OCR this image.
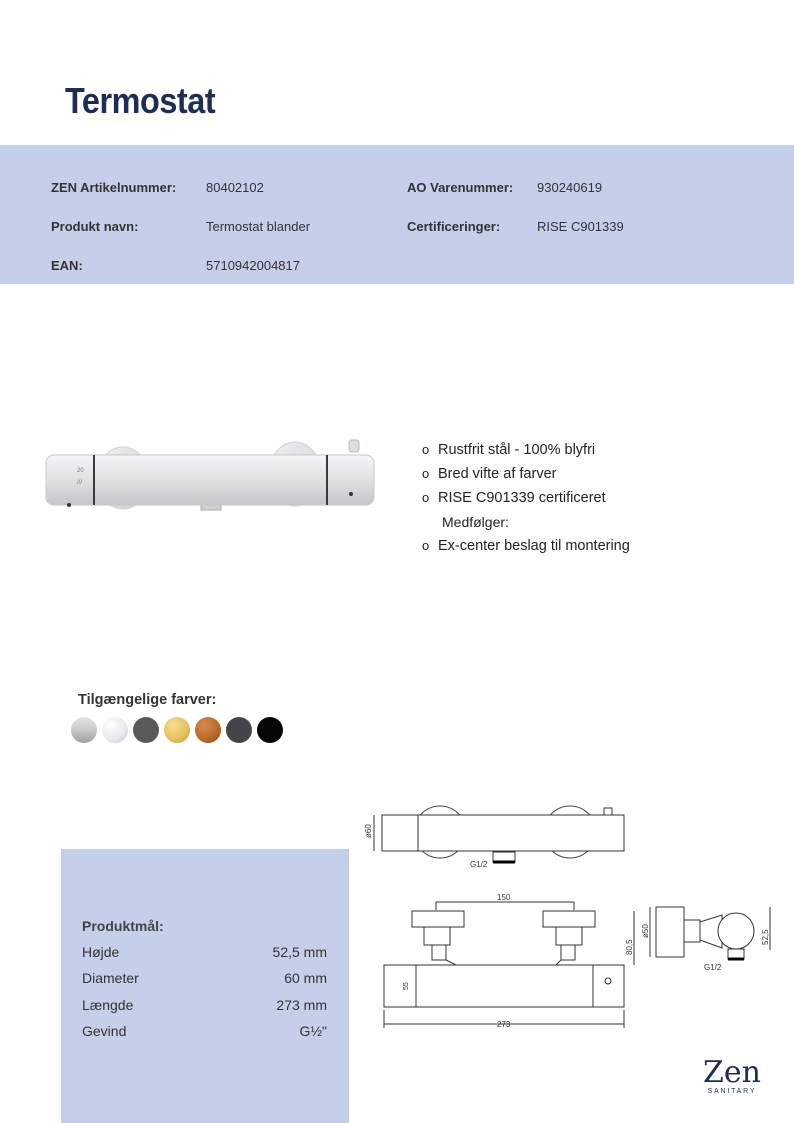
Termostat
ZEN Artikelnummer: 80402102	AO Varenummer: 930240619
Produkt navn:	Termostat blander	Certificeringer:	RISE C901339
EAN:	5710942004817
20
///
o Rustfrit stål - 100% blyfri
o Bred vifte af farver
o RISE C901339 certificeret
Medfølger:
o Ex-center beslag til montering
Tilgængelige farver:
ø60
G1/2
150
55
273
80,5
ø50
G1/2
52,5
Produktmål:
Højde	52,5 mm
Diameter	60 mm
Længde	273 mm
Gevind	G½"
Zen
SANITARY
